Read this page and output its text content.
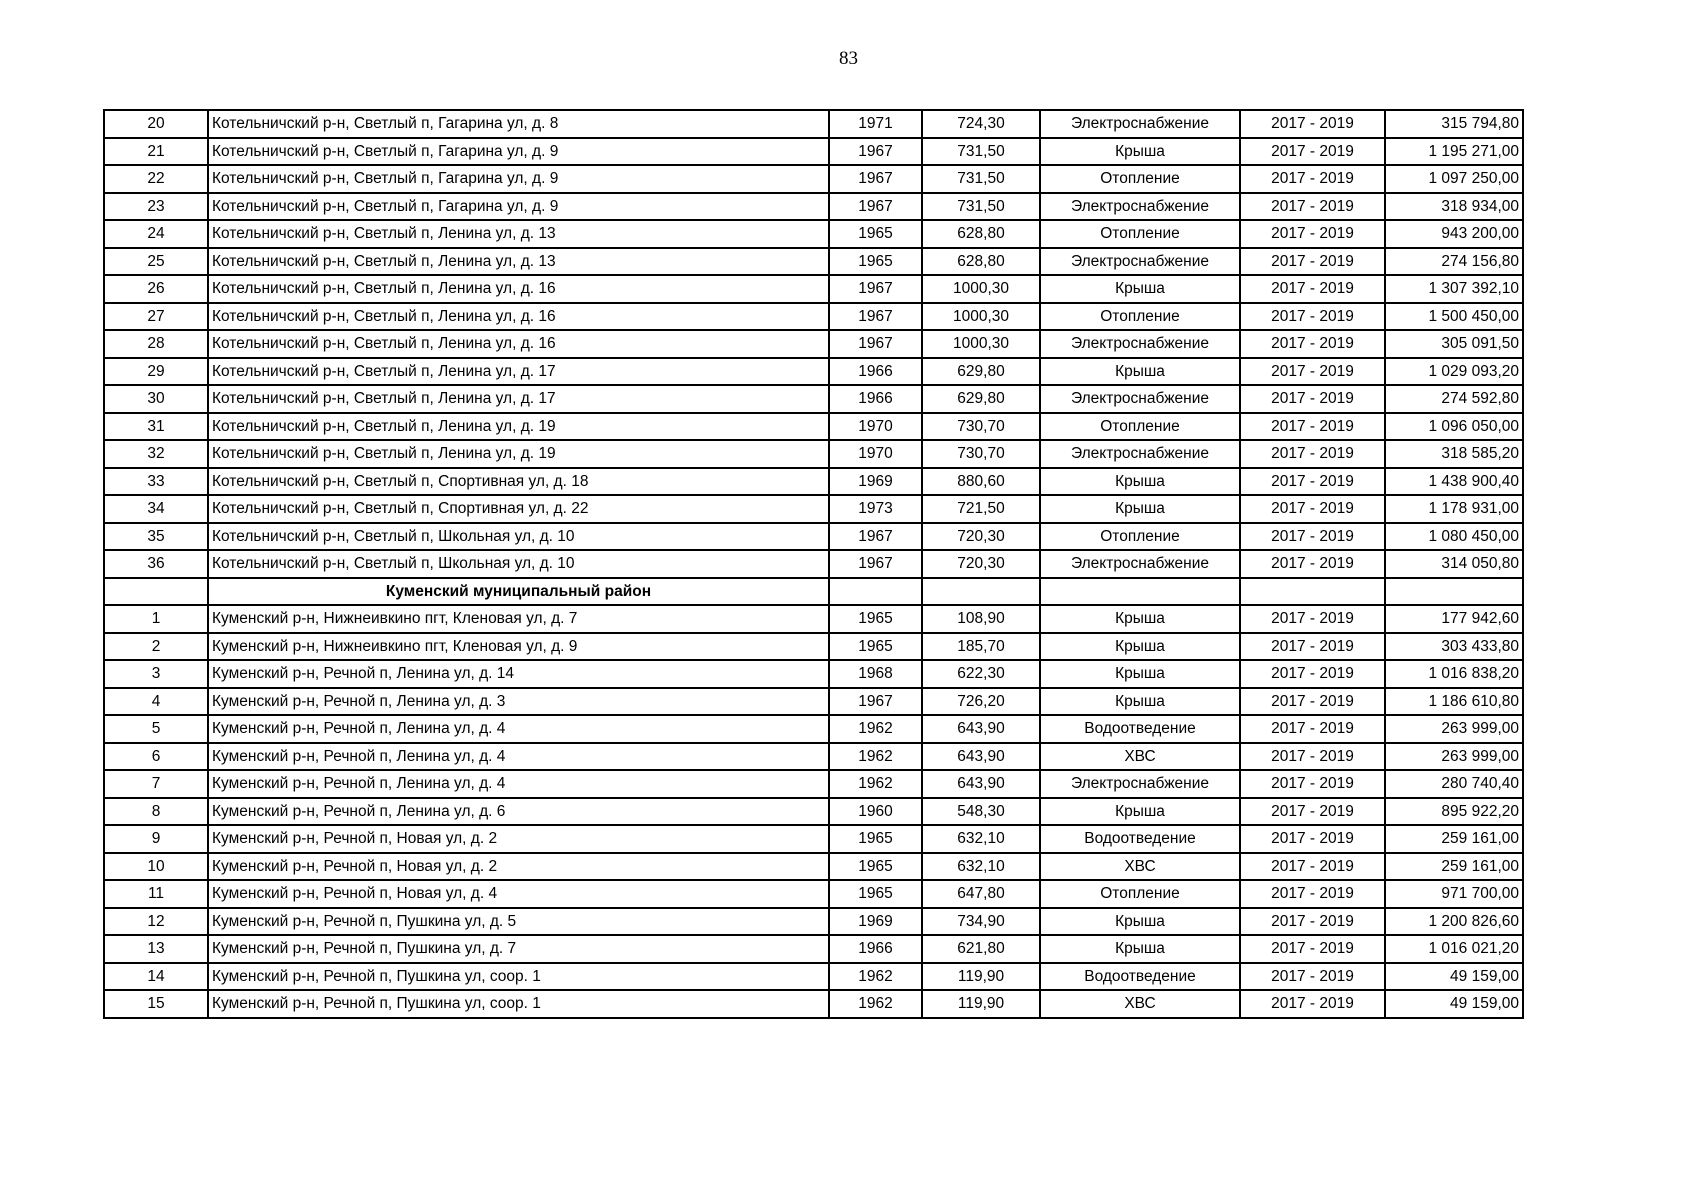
83
20	Котельничский р-н, Светлый п, Гагарина ул, д. 8	1971	724,30	Электроснабжение	2017 - 2019	315 794,80
21	Котельничский р-н, Светлый п, Гагарина ул, д. 9	1967	731,50	Крыша	2017 - 2019	1 195 271,00
22	Котельничский р-н, Светлый п, Гагарина ул, д. 9	1967	731,50	Отопление	2017 - 2019	1 097 250,00
23	Котельничский р-н, Светлый п, Гагарина ул, д. 9	1967	731,50	Электроснабжение	2017 - 2019	318 934,00
24	Котельничский р-н, Светлый п, Ленина ул, д. 13	1965	628,80	Отопление	2017 - 2019	943 200,00
25	Котельничский р-н, Светлый п, Ленина ул, д. 13	1965	628,80	Электроснабжение	2017 - 2019	274 156,80
26	Котельничский р-н, Светлый п, Ленина ул, д. 16	1967	1000,30	Крыша	2017 - 2019	1 307 392,10
27	Котельничский р-н, Светлый п, Ленина ул, д. 16	1967	1000,30	Отопление	2017 - 2019	1 500 450,00
28	Котельничский р-н, Светлый п, Ленина ул, д. 16	1967	1000,30	Электроснабжение	2017 - 2019	305 091,50
29	Котельничский р-н, Светлый п, Ленина ул, д. 17	1966	629,80	Крыша	2017 - 2019	1 029 093,20
30	Котельничский р-н, Светлый п, Ленина ул, д. 17	1966	629,80	Электроснабжение	2017 - 2019	274 592,80
31	Котельничский р-н, Светлый п, Ленина ул, д. 19	1970	730,70	Отопление	2017 - 2019	1 096 050,00
32	Котельничский р-н, Светлый п, Ленина ул, д. 19	1970	730,70	Электроснабжение	2017 - 2019	318 585,20
33	Котельничский р-н, Светлый п, Спортивная ул, д. 18	1969	880,60	Крыша	2017 - 2019	1 438 900,40
34	Котельничский р-н, Светлый п, Спортивная ул, д. 22	1973	721,50	Крыша	2017 - 2019	1 178 931,00
35	Котельничский р-н, Светлый п, Школьная ул, д. 10	1967	720,30	Отопление	2017 - 2019	1 080 450,00
36	Котельничский р-н, Светлый п, Школьная ул, д. 10	1967	720,30	Электроснабжение	2017 - 2019	314 050,80
	Куменский муниципальный район					
1	Куменский р-н, Нижнеивкино пгт, Кленовая ул, д. 7	1965	108,90	Крыша	2017 - 2019	177 942,60
2	Куменский р-н, Нижнеивкино пгт, Кленовая ул, д. 9	1965	185,70	Крыша	2017 - 2019	303 433,80
3	Куменский р-н, Речной п, Ленина ул, д. 14	1968	622,30	Крыша	2017 - 2019	1 016 838,20
4	Куменский р-н, Речной п, Ленина ул, д. 3	1967	726,20	Крыша	2017 - 2019	1 186 610,80
5	Куменский р-н, Речной п, Ленина ул, д. 4	1962	643,90	Водоотведение	2017 - 2019	263 999,00
6	Куменский р-н, Речной п, Ленина ул, д. 4	1962	643,90	ХВС	2017 - 2019	263 999,00
7	Куменский р-н, Речной п, Ленина ул, д. 4	1962	643,90	Электроснабжение	2017 - 2019	280 740,40
8	Куменский р-н, Речной п, Ленина ул, д. 6	1960	548,30	Крыша	2017 - 2019	895 922,20
9	Куменский р-н, Речной п, Новая ул, д. 2	1965	632,10	Водоотведение	2017 - 2019	259 161,00
10	Куменский р-н, Речной п, Новая ул, д. 2	1965	632,10	ХВС	2017 - 2019	259 161,00
11	Куменский р-н, Речной п, Новая ул, д. 4	1965	647,80	Отопление	2017 - 2019	971 700,00
12	Куменский р-н, Речной п, Пушкина ул, д. 5	1969	734,90	Крыша	2017 - 2019	1 200 826,60
13	Куменский р-н, Речной п, Пушкина ул, д. 7	1966	621,80	Крыша	2017 - 2019	1 016 021,20
14	Куменский р-н, Речной п, Пушкина ул, соор. 1	1962	119,90	Водоотведение	2017 - 2019	49 159,00
15	Куменский р-н, Речной п, Пушкина ул, соор. 1	1962	119,90	ХВС	2017 - 2019	49 159,00
